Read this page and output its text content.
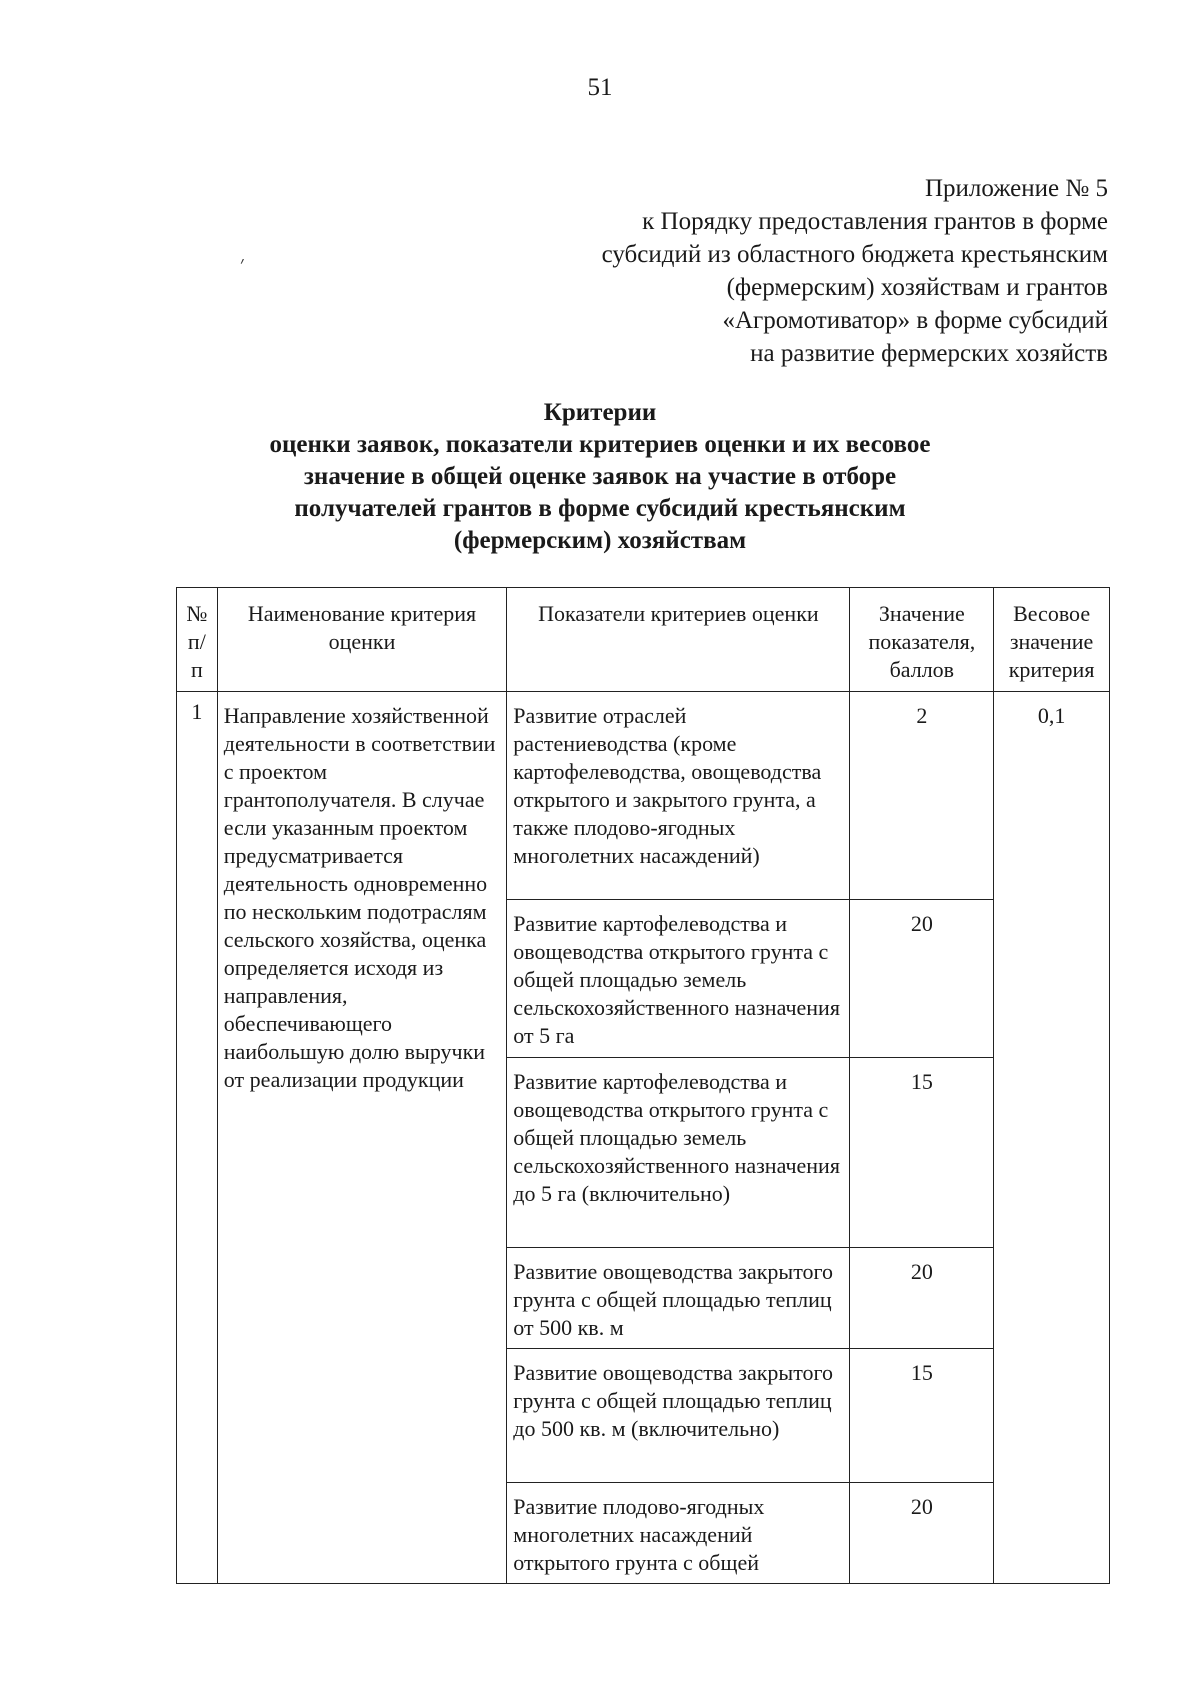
51
׳
Приложение № 5
к Порядку предоставления грантов в форме
субсидий из областного бюджета крестьянским
(фермерским) хозяйствам и грантов
«Агромотиватор» в форме субсидий
на развитие фермерских хозяйств
Критерии
оценки заявок, показатели критериев оценки и их весовое
значение в общей оценке заявок на участие в отборе
получателей грантов в форме субсидий крестьянским
(фермерским) хозяйствам
№ п/п	Наименование критерия оценки	Показатели критериев оценки	Значение показателя, баллов	Весовое значение критерия
1	Направление хозяйственной деятельности в соответствии с проектом грантополучателя. В случае если указанным проектом предусматривается деятельность одновременно по нескольким подотраслям сельского хозяйства, оценка определяется исходя из направления, обеспечивающего наибольшую долю выручки от реализации продукции	Развитие отраслей растениеводства (кроме картофелеводства, овощеводства открытого и закрытого грунта, а также плодово-ягодных многолетних насаждений)	2	0,1
		Развитие картофелеводства и овощеводства открытого грунта с общей площадью земель сельскохозяйственного назначения от 5 га	20	
		Развитие картофелеводства и овощеводства открытого грунта с общей площадью земель сельскохозяйственного назначения до 5 га (включительно)	15	
		Развитие овощеводства закрытого грунта с общей площадью теплиц от 500 кв. м	20	
		Развитие овощеводства закрытого грунта с общей площадью теплиц до 500 кв. м (включительно)	15	
		Развитие плодово-ягодных многолетних насаждений открытого грунта с общей	20	
